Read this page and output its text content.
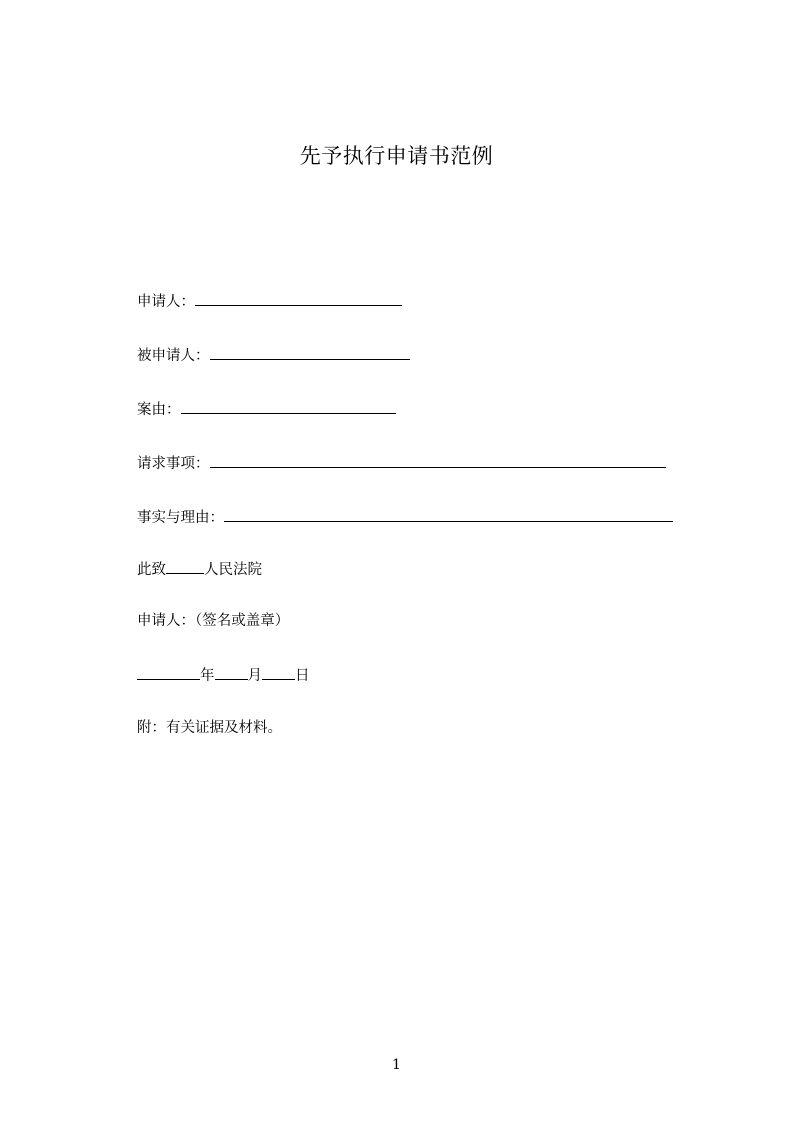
先予执行申请书范例
申请人：
被申请人：
案由：
请求事项：
事实与理由：
此致	人民法院
申请人：（签名或盖章）
年 月 日
附：有关证据及材料。
1
